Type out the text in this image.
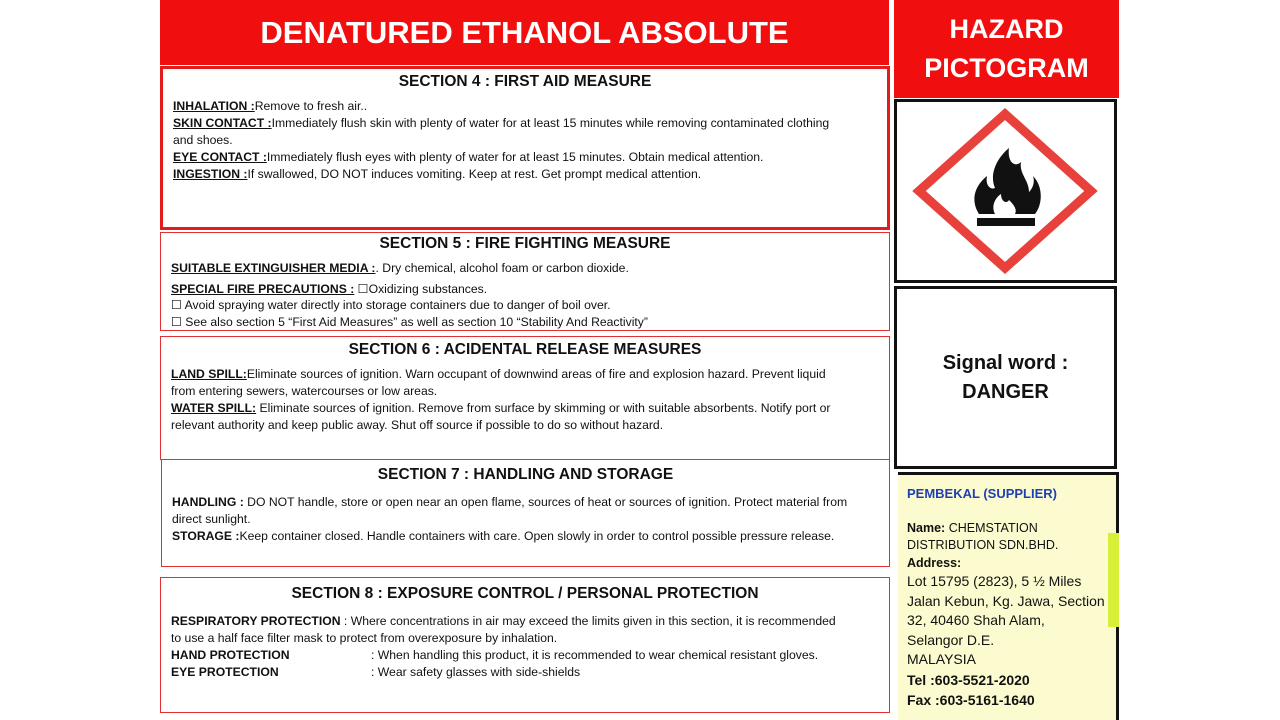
DENATURED ETHANOL ABSOLUTE	HAZARD
PICTOGRAM
SECTION 4 : FIRST AID MEASURE

INHALATION :Remove to fresh air..

SKIN CONTACT :Immediately flush skin with plenty of water for at least 15 minutes while removing contaminated clothing

and shoes.

EYE CONTACT :Immediately flush eyes with plenty of water for at least 15 minutes. Obtain medical attention.

INGESTION :If swallowed, DO NOT induces vomiting. Keep at rest. Get prompt medical attention.

SECTION 5 : FIRE FIGHTING MEASURE

SUITABLE EXTINGUISHER MEDIA :. Dry chemical, alcohol foam or carbon dioxide.

SPECIAL FIRE PRECAUTIONS : ☐Oxidizing substances.

☐ Avoid spraying water directly into storage containers due to danger of boil over.

☐ See also section 5 “First Aid Measures” as well as section 10 “Stability And Reactivity”

SECTION 6 : ACIDENTAL RELEASE MEASURES

LAND SPILL:Eliminate sources of ignition. Warn occupant of downwind areas of fire and explosion hazard. Prevent liquid

from entering sewers, watercourses or low areas.

WATER SPILL: Eliminate sources of ignition. Remove from surface by skimming or with suitable absorbents. Notify port or

relevant authority and keep public away. Shut off source if possible to do so without hazard.

SECTION 7 : HANDLING AND STORAGE

HANDLING : DO NOT handle, store or open near an open flame, sources of heat or sources of ignition. Protect material from

direct sunlight.

STORAGE :Keep container closed. Handle containers with care. Open slowly in order to control possible pressure release.

SECTION 8 : EXPOSURE CONTROL / PERSONAL PROTECTION

RESPIRATORY PROTECTION : Where concentrations in air may exceed the limits given in this section, it is recommended

to use a half face filter mask to protect from overexposure by inhalation.

HAND PROTECTION	: When handling this product, it is recommended to wear chemical resistant gloves.

EYE PROTECTION	: Wear safety glasses with side-shields

Signal word :
DANGER
PEMBEKAL (SUPPLIER)
Name: CHEMSTATION
DISTRIBUTION SDN.BHD.
Address:
Lot 15795 (2823), 5 ½ Miles
Jalan Kebun, Kg. Jawa, Section
32, 40460 Shah Alam,
Selangor D.E.
MALAYSIA
Tel :603-5521-2020
Fax :603-5161-1640
